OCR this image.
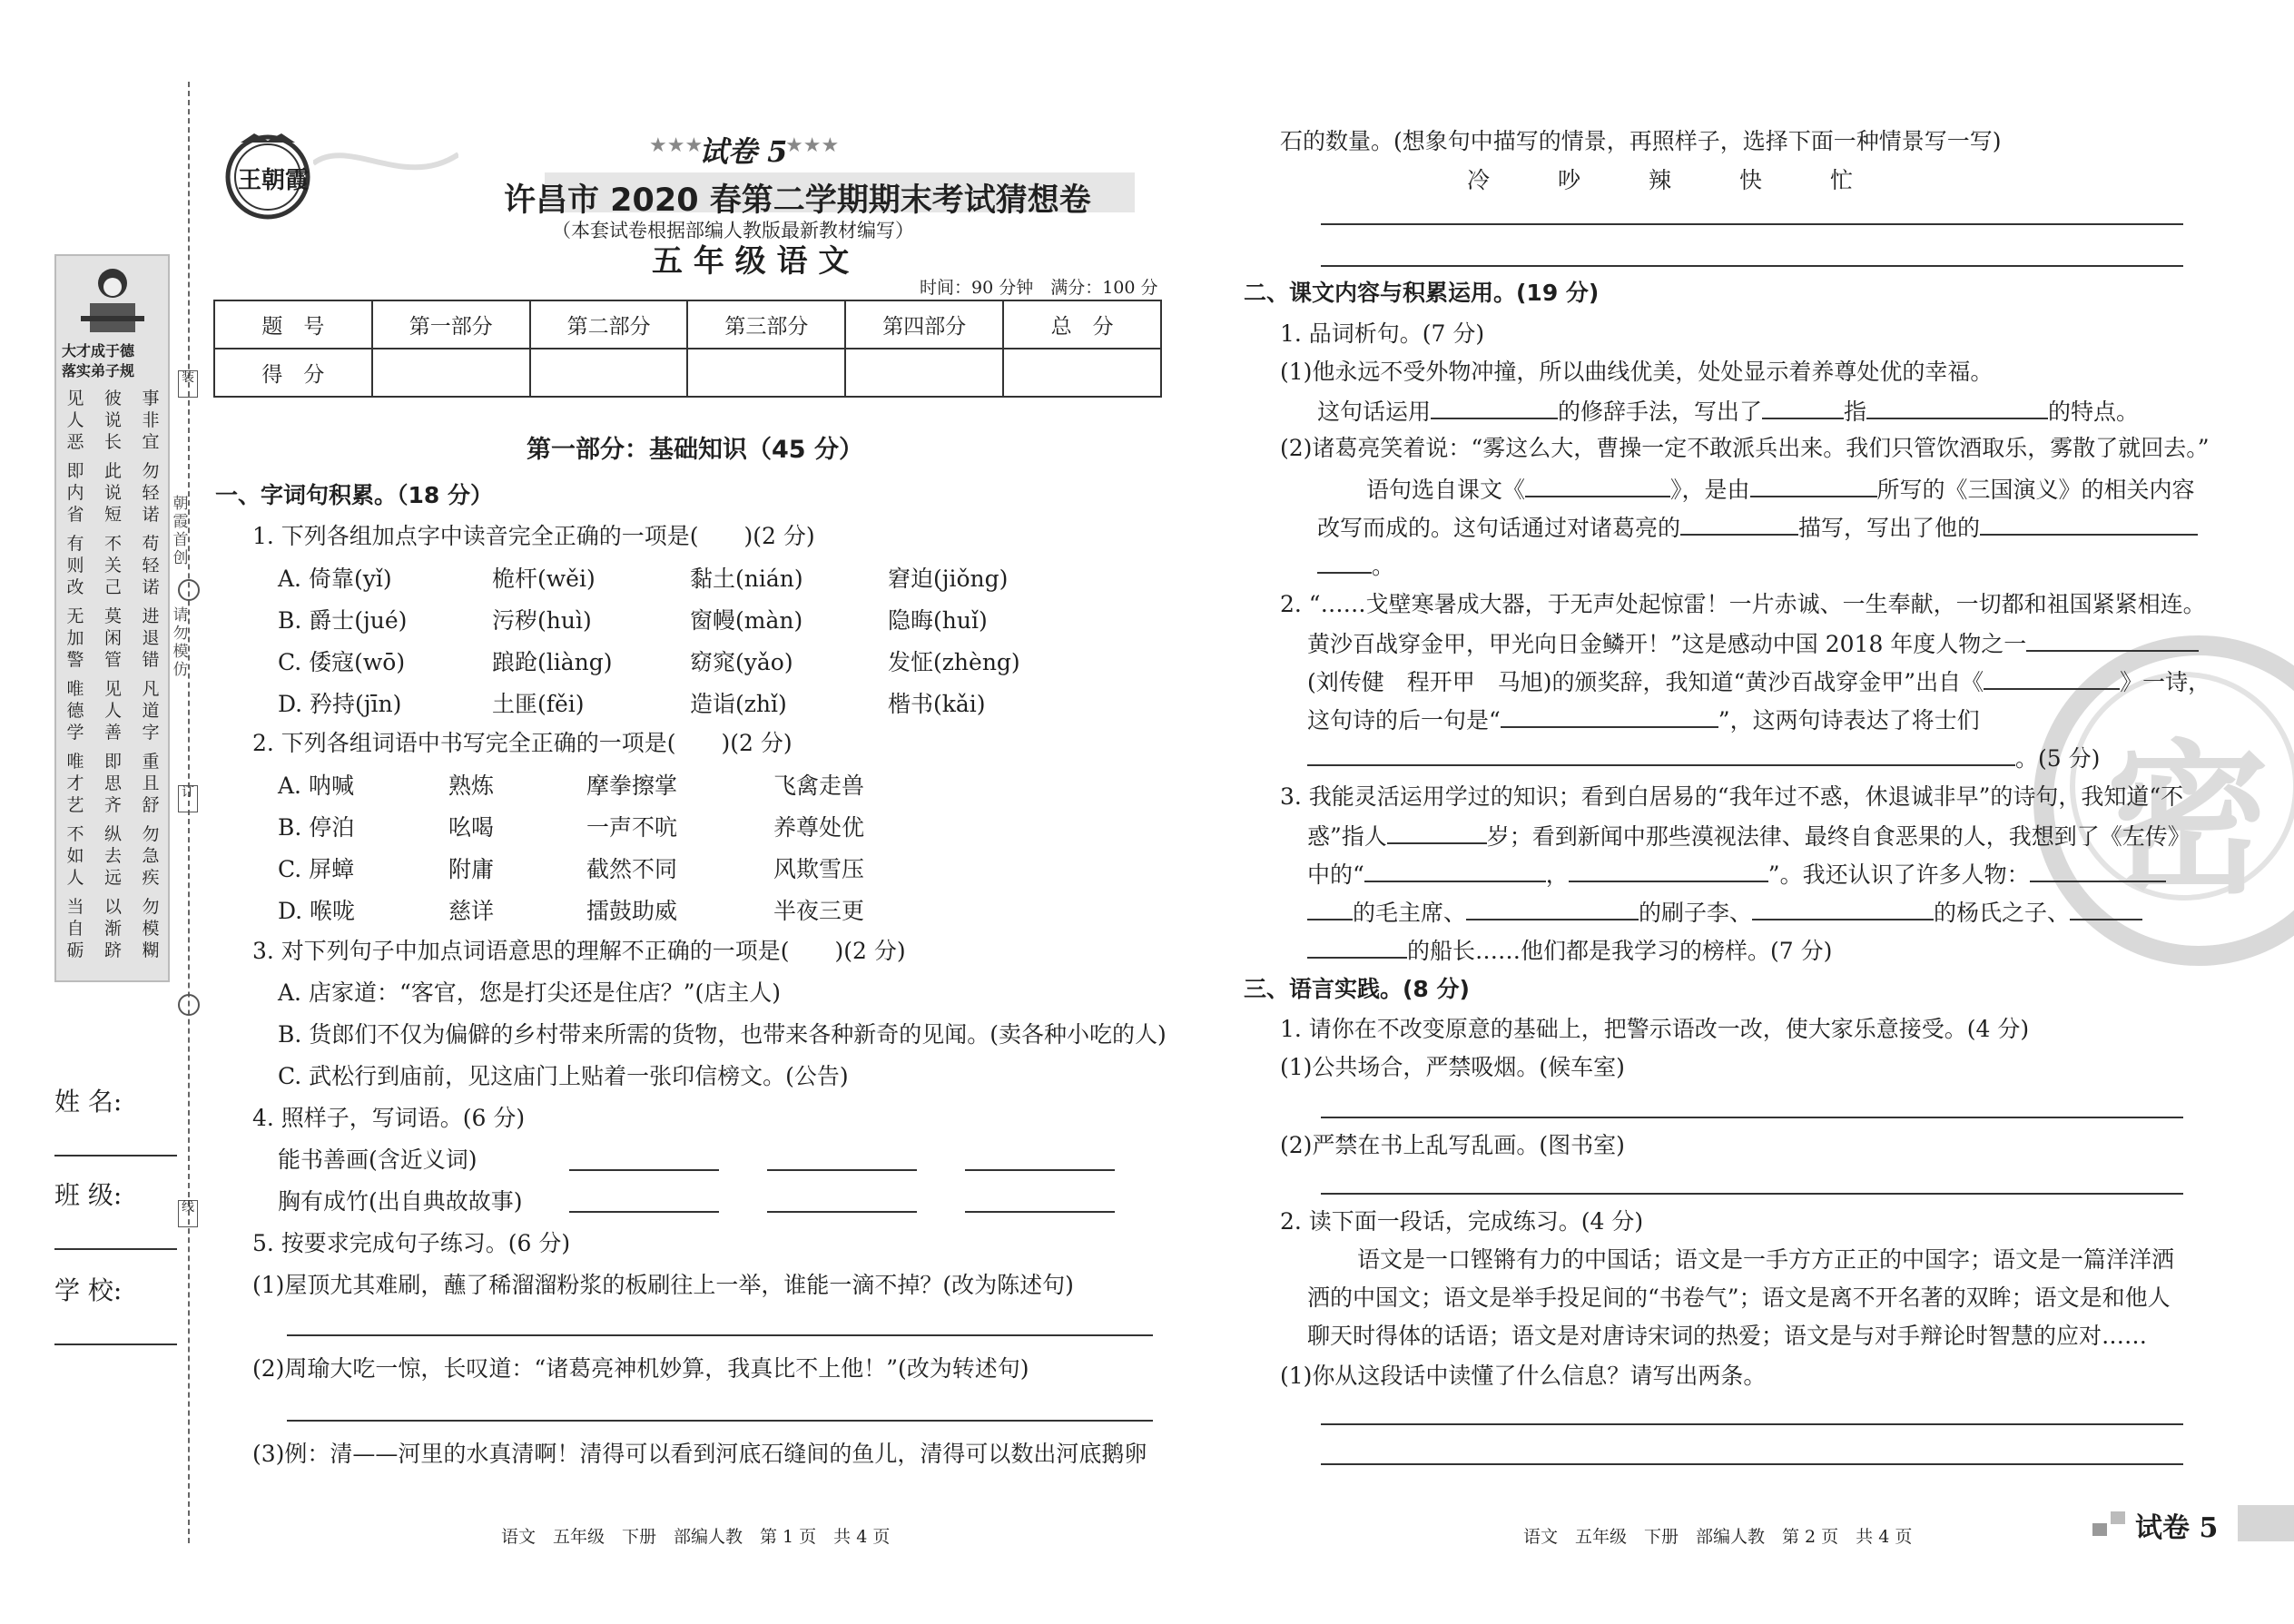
大才成于德
落实弟子规
见人恶
彼说长
事非宜
即内省
此说短
勿轻诺
有则改
不关己
苟轻诺
无加警
莫闲管
进退错
唯德学
见人善
凡道字
唯才艺
即思齐
重且舒
不如人
纵去远
勿急疾
当自砺
以渐跻
勿模糊
装
朝霞首创
请勿模仿
订
线
姓 名:
班 级:
学 校:
王朝霞
★★★
试卷 5
★★★
许昌市 2020 春第二学期期末考试猜想卷
（本套试卷根据部编人教版最新教材编写）
五 年 级 语 文
时间：90 分钟　满分：100 分
题　号	第一部分	第二部分	第三部分	第四部分	总　分
得　分					
第一部分：基础知识（45 分）
一、字词句积累。（18 分）
1. 下列各组加点字中读音完全正确的一项是(　　)(2 分)
A. 倚靠(yǐ)	桅杆(wěi)	黏土(nián)	窘迫(jiǒng)
B. 爵士(jué)	污秽(huì)	窗幔(màn)	隐晦(huǐ)
C. 倭寇(wō)	踉跄(liàng)	窈窕(yǎo)	发怔(zhèng)
D. 矜持(jīn)	土匪(fěi)	造诣(zhǐ)	楷书(kǎi)
2. 下列各组词语中书写完全正确的一项是(　　)(2 分)
A. 呐喊	熟炼	摩拳擦掌	飞禽走兽
B. 停泊	吆喝	一声不吭	养尊处优
C. 屏蟑	附庸	截然不同	风欺雪压
D. 喉咙	慈详	擂鼓助威	半夜三更
3. 对下列句子中加点词语意思的理解不正确的一项是(　　)(2 分)
A. 店家道：“客官，您是打尖还是住店？”(店主人)
B. 货郎们不仅为偏僻的乡村带来所需的货物，也带来各种新奇的见闻。(卖各种小吃的人)
C. 武松行到庙前，见这庙门上贴着一张印信榜文。(公告)
4. 照样子，写词语。(6 分)
能书善画(含近义词)
胸有成竹(出自典故故事)
5. 按要求完成句子练习。(6 分)
(1)屋顶尤其难刷，蘸了稀溜溜粉浆的板刷往上一举，谁能一滴不掉？(改为陈述句)
(2)周瑜大吃一惊，长叹道：“诸葛亮神机妙算，我真比不上他！”(改为转述句)
(3)例：清——河里的水真清啊！清得可以看到河底石缝间的鱼儿，清得可以数出河底鹅卵
语文　五年级　下册　部编人教　第 1 页　共 4 页
密
石的数量。(想象句中描写的情景，再照样子，选择下面一种情景写一写)
冷　　　吵　　　辣　　　快　　　忙
二、课文内容与积累运用。(19 分)
1. 品词析句。(7 分)
(1)他永远不受外物冲撞，所以曲线优美，处处显示着养尊处优的幸福。
这句话运用	的修辞手法，写出了	指	的特点。
(2)诸葛亮笑着说：“雾这么大，曹操一定不敢派兵出来。我们只管饮酒取乐，雾散了就回去。”
语句选自课文《	》，是由	所写的《三国演义》的相关内容
改写而成的。这句话通过对诸葛亮的	描写，写出了他的
。
2. “……戈壁寒暑成大器，于无声处起惊雷！一片赤诚、一生奉献，一切都和祖国紧紧相连。
黄沙百战穿金甲，甲光向日金鳞开！”这是感动中国 2018 年度人物之一
(刘传健　程开甲　马旭)的颁奖辞，我知道“黄沙百战穿金甲”出自《	》一诗，
这句诗的后一句是“	”，这两句诗表达了将士们
。(5 分)
3. 我能灵活运用学过的知识；看到白居易的“我年过不惑，休退诚非早”的诗句，我知道“不
惑”指人	岁；看到新闻中那些漠视法律、最终自食恶果的人，我想到了《左传》
中的“	，	”。我还认识了许多人物：
的毛主席、	的刷子李、	的杨氏之子、
的船长……他们都是我学习的榜样。(7 分)
三、语言实践。(8 分)
1. 请你在不改变原意的基础上，把警示语改一改，使大家乐意接受。(4 分)
(1)公共场合，严禁吸烟。(候车室)
(2)严禁在书上乱写乱画。(图书室)
2. 读下面一段话，完成练习。(4 分)
语文是一口铿锵有力的中国话；语文是一手方方正正的中国字；语文是一篇洋洋洒
洒的中国文；语文是举手投足间的“书卷气”；语文是离不开名著的双眸；语文是和他人
聊天时得体的话语；语文是对唐诗宋词的热爱；语文是与对手辩论时智慧的应对……
(1)你从这段话中读懂了什么信息？请写出两条。
语文　五年级　下册　部编人教　第 2 页　共 4 页	试卷 5
